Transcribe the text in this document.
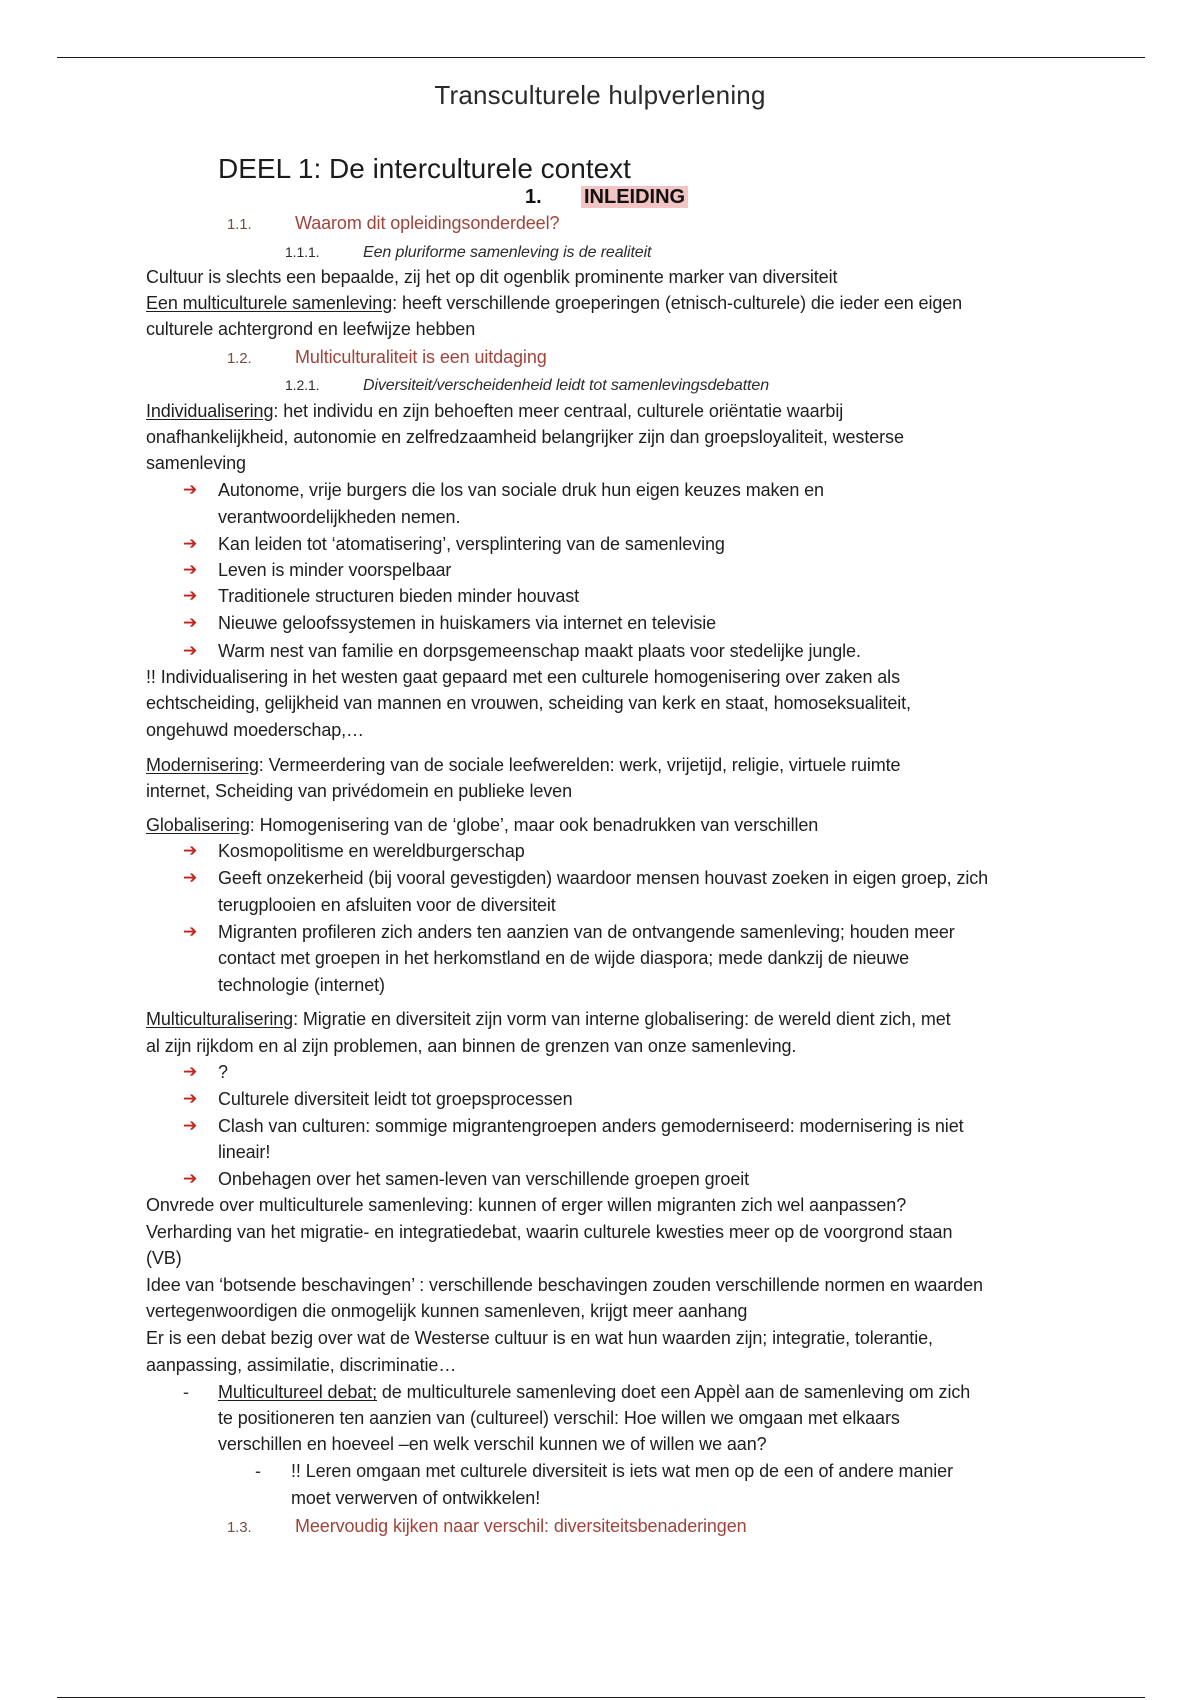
Transculturele hulpverlening
DEEL 1: De interculturele context
1. INLEIDING
1.1. Waarom dit opleidingsonderdeel?
1.1.1.	Een pluriforme samenleving is de realiteit
Cultuur is slechts een bepaalde, zij het op dit ogenblik prominente marker van diversiteit
Een multiculturele samenleving: heeft verschillende groeperingen (etnisch-culturele) die ieder een eigen
culturele achtergrond en leefwijze hebben
1.2. Multiculturaliteit is een uitdaging
1.2.1.	Diversiteit/verscheidenheid leidt tot samenlevingsdebatten
Individualisering: het individu en zijn behoeften meer centraal, culturele oriëntatie waarbij
onafhankelijkheid, autonomie en zelfredzaamheid belangrijker zijn dan groepsloyaliteit, westerse
samenleving
➔ Autonome, vrije burgers die los van sociale druk hun eigen keuzes maken en
verantwoordelijkheden nemen.
➔ Kan leiden tot ‘atomatisering’, versplintering van de samenleving
➔ Leven is minder voorspelbaar
➔ Traditionele structuren bieden minder houvast
➔ Nieuwe geloofssystemen in huiskamers via internet en televisie
➔ Warm nest van familie en dorpsgemeenschap maakt plaats voor stedelijke jungle.
!! Individualisering in het westen gaat gepaard met een culturele homogenisering over zaken als
echtscheiding, gelijkheid van mannen en vrouwen, scheiding van kerk en staat, homoseksualiteit,
ongehuwd moederschap,…
Modernisering: Vermeerdering van de sociale leefwerelden: werk, vrijetijd, religie, virtuele ruimte
internet, Scheiding van privédomein en publieke leven
Globalisering: Homogenisering van de ‘globe’, maar ook benadrukken van verschillen
➔ Kosmopolitisme en wereldburgerschap
➔ Geeft onzekerheid (bij vooral gevestigden) waardoor mensen houvast zoeken in eigen groep, zich
terugplooien en afsluiten voor de diversiteit
➔ Migranten profileren zich anders ten aanzien van de ontvangende samenleving; houden meer
contact met groepen in het herkomstland en de wijde diaspora; mede dankzij de nieuwe
technologie (internet)
Multiculturalisering: Migratie en diversiteit zijn vorm van interne globalisering: de wereld dient zich, met
al zijn rijkdom en al zijn problemen, aan binnen de grenzen van onze samenleving.
➔ ?
➔ Culturele diversiteit leidt tot groepsprocessen
➔ Clash van culturen: sommige migrantengroepen anders gemoderniseerd: modernisering is niet
lineair!
➔ Onbehagen over het samen-leven van verschillende groepen groeit
Onvrede over multiculturele samenleving: kunnen of erger willen migranten zich wel aanpassen?
Verharding van het migratie- en integratiedebat, waarin culturele kwesties meer op de voorgrond staan
(VB)
Idee van ‘botsende beschavingen’ : verschillende beschavingen zouden verschillende normen en waarden
vertegenwoordigen die onmogelijk kunnen samenleven, krijgt meer aanhang
Er is een debat bezig over wat de Westerse cultuur is en wat hun waarden zijn; integratie, tolerantie,
aanpassing, assimilatie, discriminatie…
- Multicultureel debat; de multiculturele samenleving doet een Appèl aan de samenleving om zich
te positioneren ten aanzien van (cultureel) verschil: Hoe willen we omgaan met elkaars
verschillen en hoeveel –en welk verschil kunnen we of willen we aan?
- !! Leren omgaan met culturele diversiteit is iets wat men op de een of andere manier
moet verwerven of ontwikkelen!
1.3. Meervoudig kijken naar verschil: diversiteitsbenaderingen
